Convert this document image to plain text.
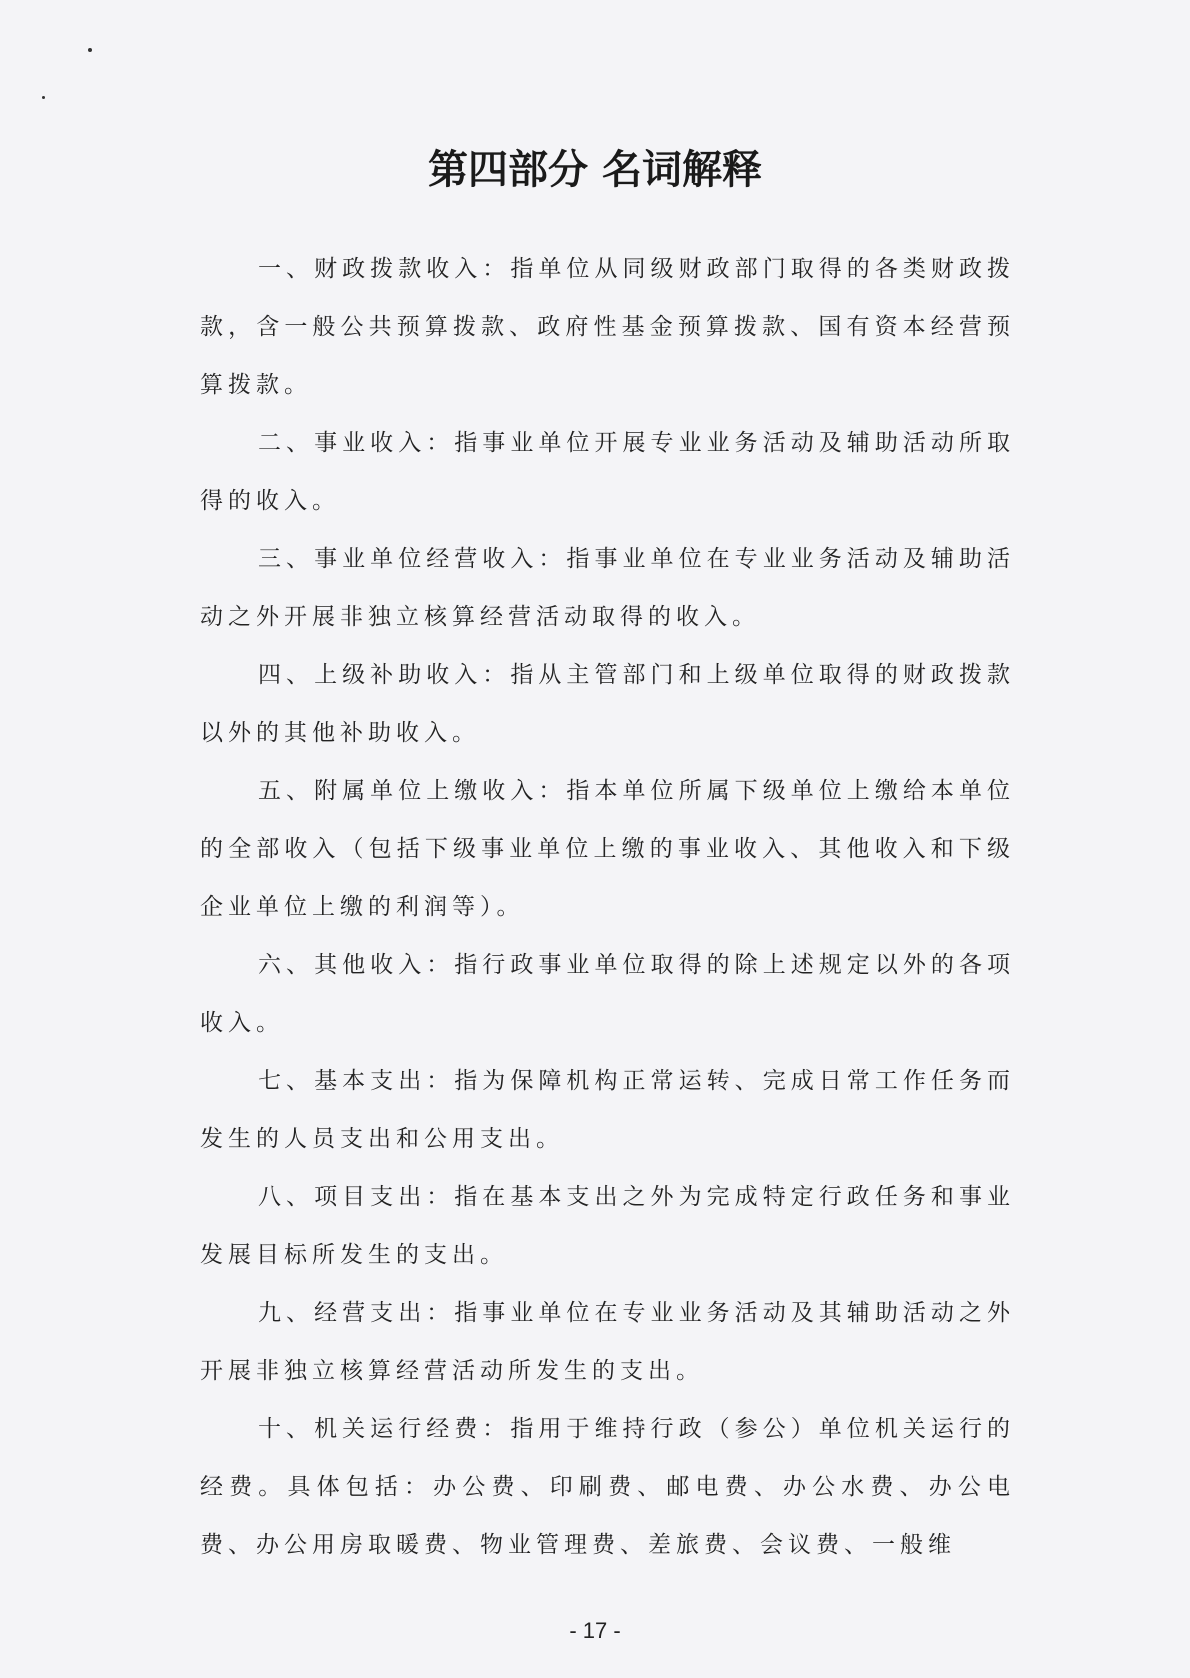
第四部分 名词解释

一、财政拨款收入：指单位从同级财政部门取得的各类财政拨款，含一般公共预算拨款、政府性基金预算拨款、国有资本经营预算拨款。

二、事业收入：指事业单位开展专业业务活动及辅助活动所取得的收入。

三、事业单位经营收入：指事业单位在专业业务活动及辅助活动之外开展非独立核算经营活动取得的收入。

四、上级补助收入：指从主管部门和上级单位取得的财政拨款以外的其他补助收入。

五、附属单位上缴收入：指本单位所属下级单位上缴给本单位的全部收入（包括下级事业单位上缴的事业收入、其他收入和下级企业单位上缴的利润等）。

六、其他收入：指行政事业单位取得的除上述规定以外的各项收入。

七、基本支出：指为保障机构正常运转、完成日常工作任务而发生的人员支出和公用支出。

八、项目支出：指在基本支出之外为完成特定行政任务和事业发展目标所发生的支出。

九、经营支出：指事业单位在专业业务活动及其辅助活动之外开展非独立核算经营活动所发生的支出。

十、机关运行经费：指用于维持行政（参公）单位机关运行的经费。具体包括：办公费、印刷费、邮电费、办公水费、办公电费、办公用房取暖费、物业管理费、差旅费、会议费、一般维

- 17 -
